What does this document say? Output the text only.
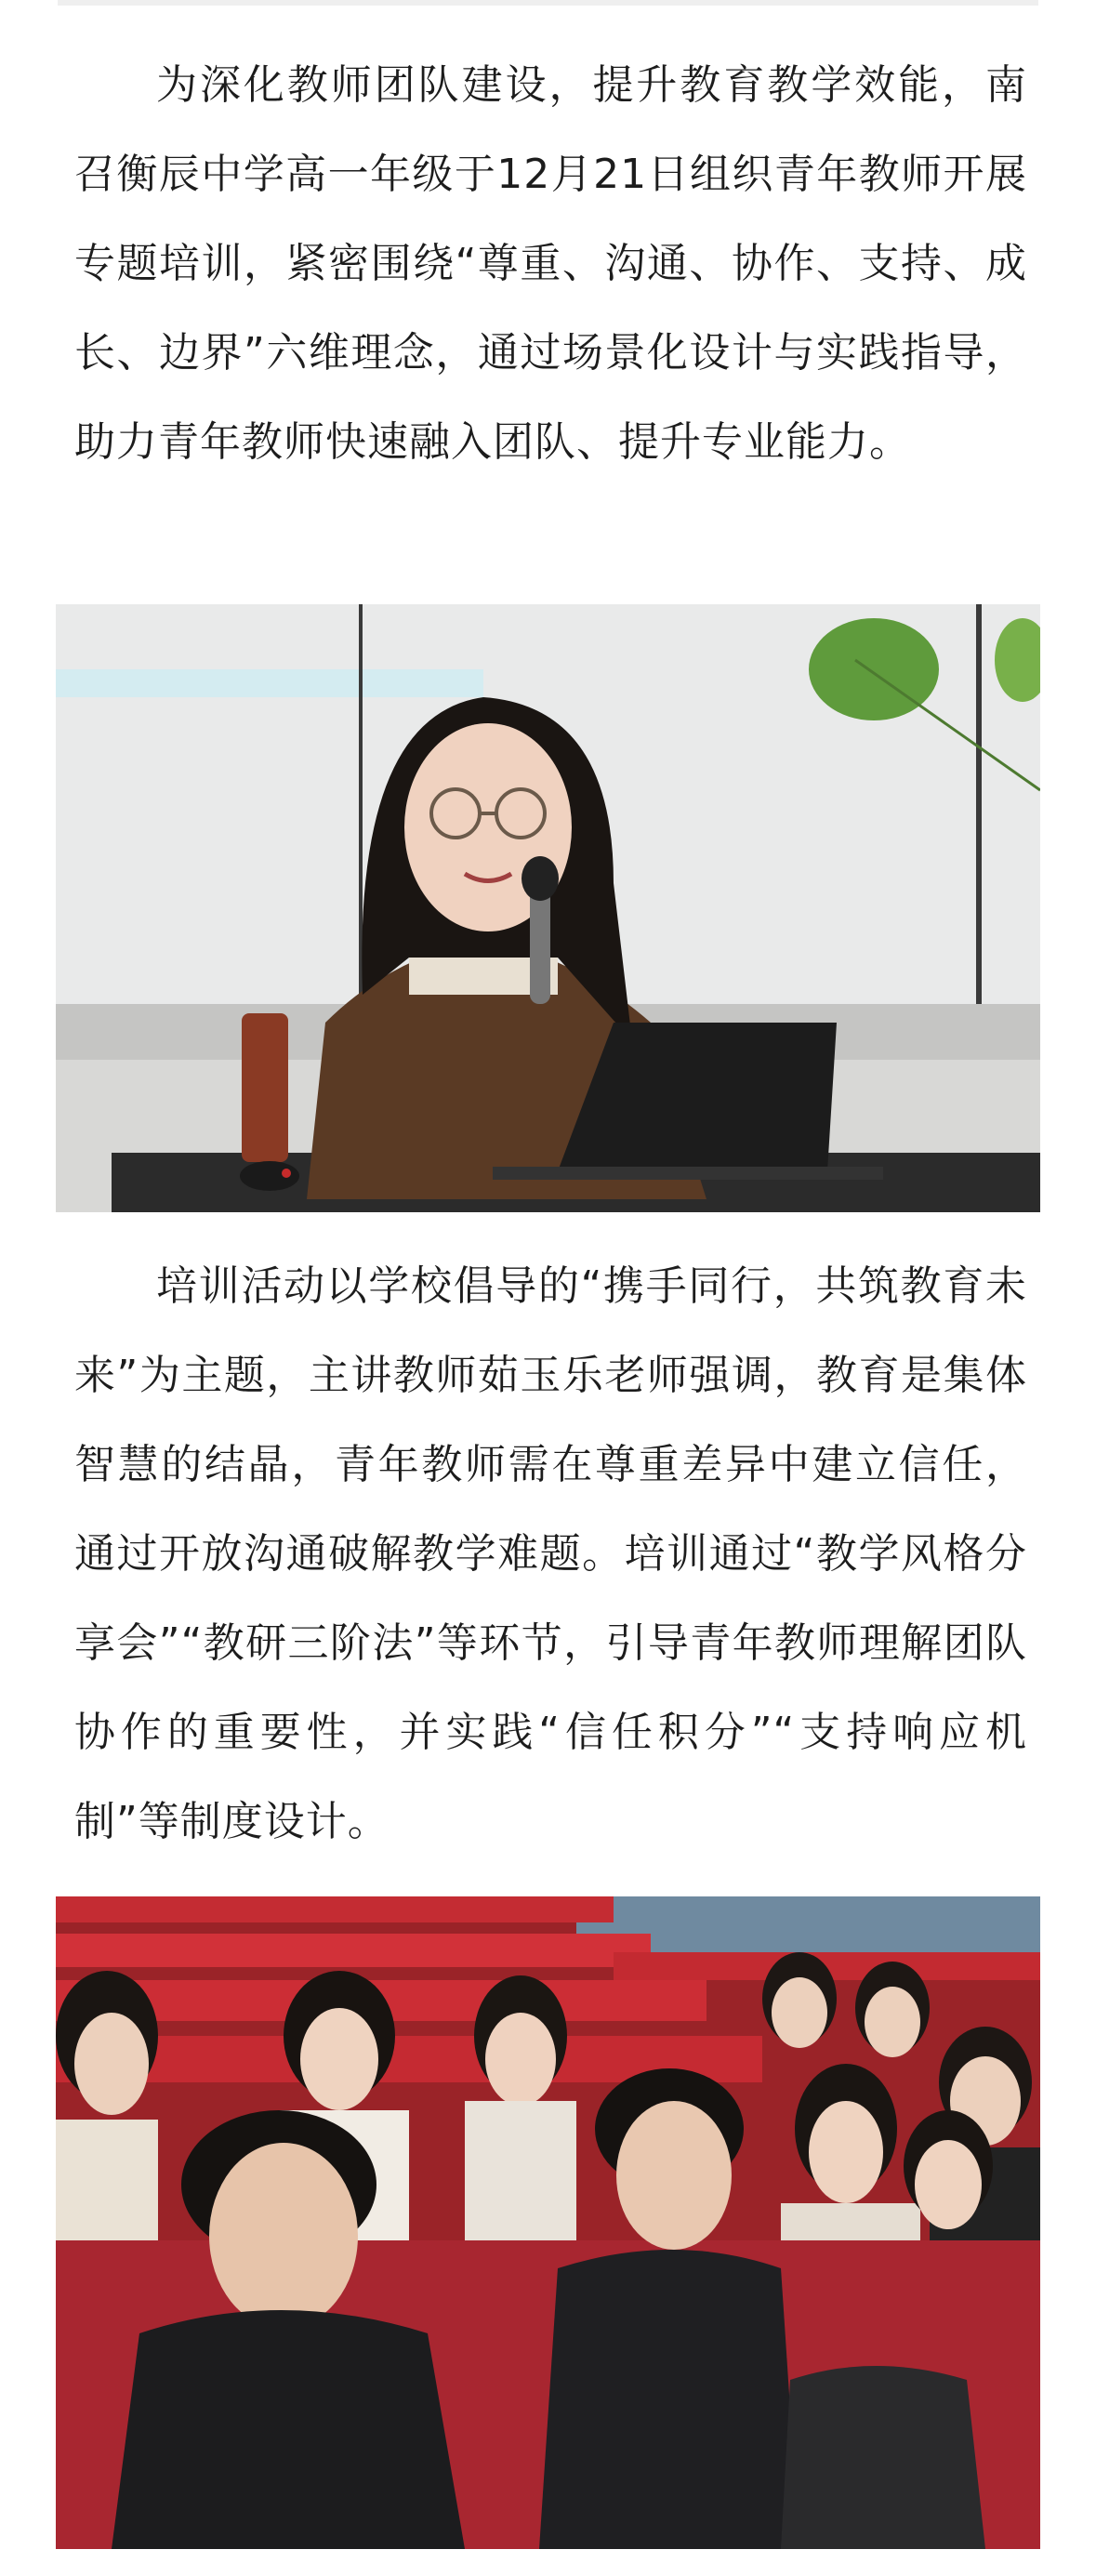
为深化教师团队建设，提升教育教学效能，南召衡辰中学高一年级于12月21日组织青年教师开展专题培训，紧密围绕“尊重、沟通、协作、支持、成长、边界”六维理念，通过场景化设计与实践指导，助力青年教师快速融入团队、提升专业能力。

培训活动以学校倡导的“携手同行，共筑教育未来”为主题，主讲教师茹玉乐老师强调，教育是集体智慧的结晶，青年教师需在尊重差异中建立信任，通过开放沟通破解教学难题。培训通过“教学风格分享会”“教研三阶法”等环节，引导青年教师理解团队协作的重要性，并实践“信任积分”“支持响应机制”等制度设计。
